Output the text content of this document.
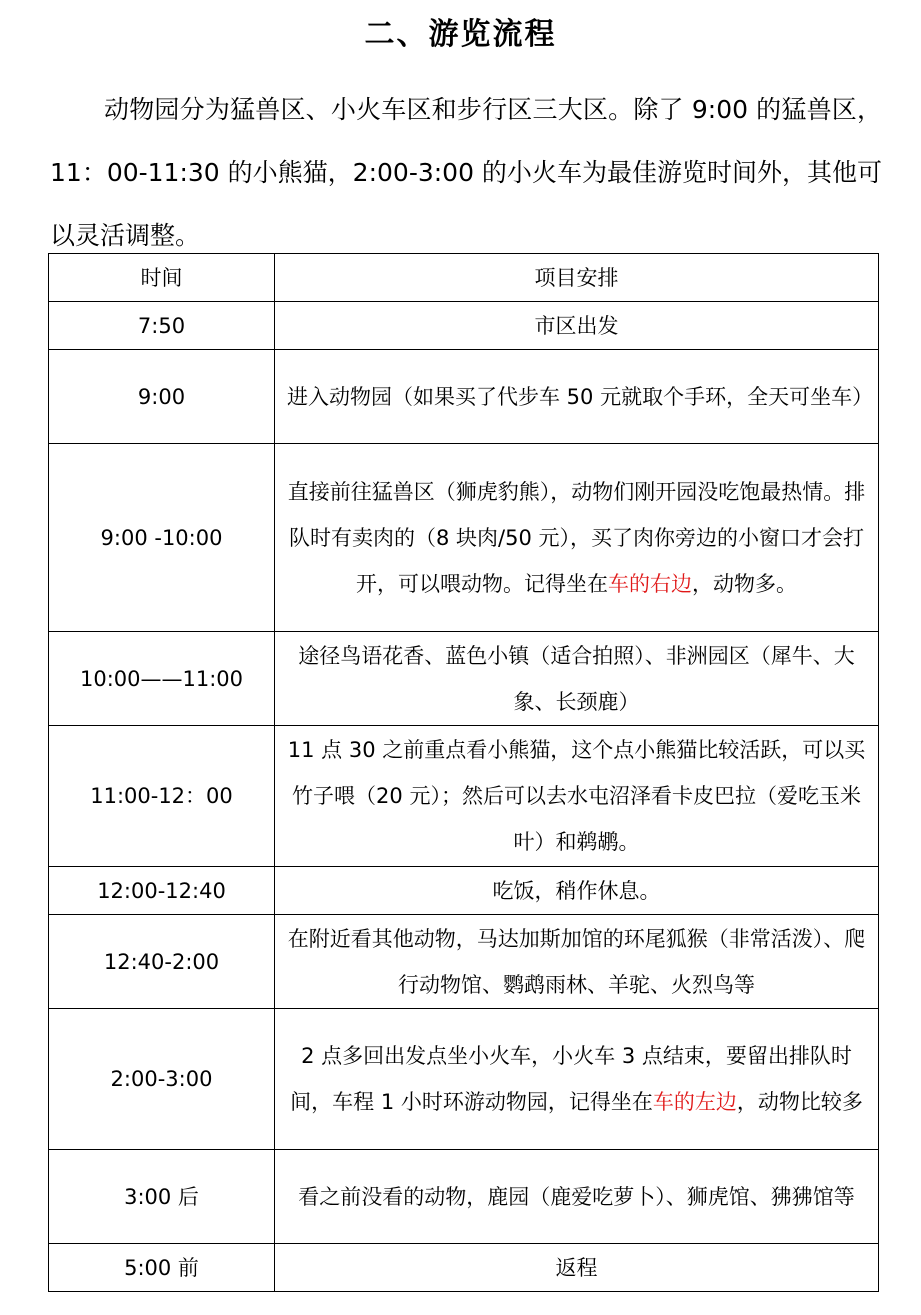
二、游览流程

动物园分为猛兽区、小火车区和步行区三大区。除了 9:00 的猛兽区，11：00-11:30 的小熊猫，2:00-3:00 的小火车为最佳游览时间外，其他可以灵活调整。

时间	项目安排
7:50	市区出发
9:00	进入动物园（如果买了代步车 50 元就取个手环，全天可坐车）
9:00 -10:00	直接前往猛兽区（狮虎豹熊），动物们刚开园没吃饱最热情。排队时有卖肉的（8 块肉/50 元），买了肉你旁边的小窗口才会打开，可以喂动物。记得坐在车的右边，动物多。
10:00——11:00	途径鸟语花香、蓝色小镇（适合拍照）、非洲园区（犀牛、大象、长颈鹿）
11:00-12：00	11 点 30 之前重点看小熊猫，这个点小熊猫比较活跃，可以买竹子喂（20 元）；然后可以去水屯沼泽看卡皮巴拉（爱吃玉米叶）和鹈鹕。
12:00-12:40	吃饭，稍作休息。
12:40-2:00	在附近看其他动物，马达加斯加馆的环尾狐猴（非常活泼）、爬行动物馆、鹦鹉雨林、羊驼、火烈鸟等
2:00-3:00	2 点多回出发点坐小火车，小火车 3 点结束，要留出排队时间，车程 1 小时环游动物园，记得坐在车的左边，动物比较多
3:00 后	看之前没看的动物，鹿园（鹿爱吃萝卜）、狮虎馆、狒狒馆等
5:00 前	返程
